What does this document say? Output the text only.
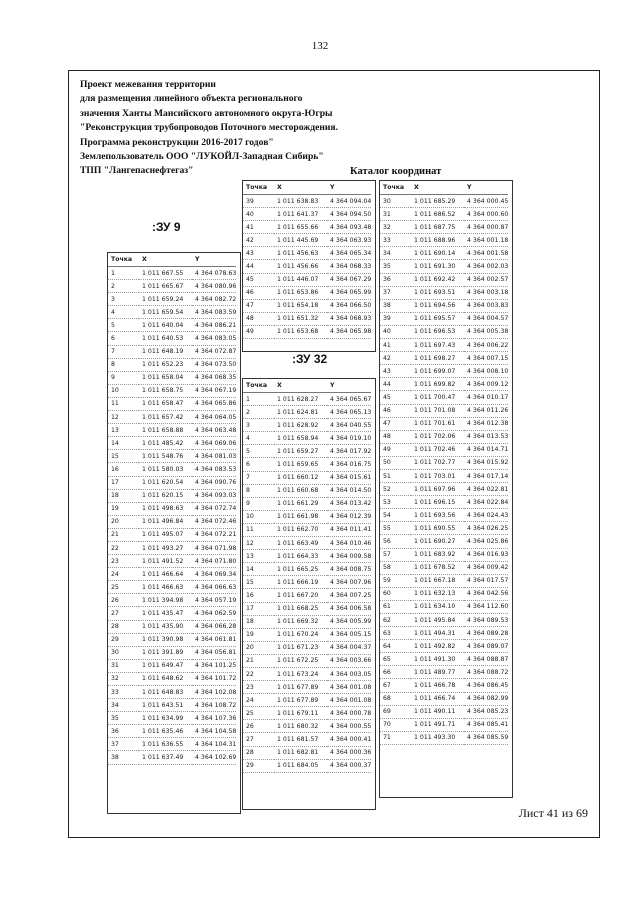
132
Проект межевания территории
для размещения линейного объекта регионального
значения Ханты Мансийского автономного округа-Югры
"Реконструкция трубопроводов Поточного месторождения.
Программа реконструкции 2016-2017 годов"
Землепользователь ООО "ЛУКОЙЛ-Западная Сибирь"
ТПП "Лангепаснефтегаз"	Каталог координат
:ЗУ 9
:ЗУ 32
Точка	X	Y
1	1 011 667.55	4 364 078.63
2	1 011 665.67	4 364 080.96
3	1 011 659.24	4 364 082.72
4	1 011 659.54	4 364 083.59
5	1 011 640.04	4 364 086.21
6	1 011 640.53	4 364 083.05
7	1 011 648.19	4 364 072.87
8	1 011 652.23	4 364 073.50
9	1 011 658.04	4 364 068.35
10	1 011 658.75	4 364 067.19
11	1 011 658.47	4 364 065.86
12	1 011 657.42	4 364 064.05
13	1 011 658.88	4 364 063.48
14	1 011 485.42	4 364 069.06
15	1 011 548.76	4 364 081.03
16	1 011 580.03	4 364 083.53
17	1 011 620.54	4 364 090.76
18	1 011 620.15	4 364 093.03
19	1 011 498.63	4 364 072.74
20	1 011 496.84	4 364 072.46
21	1 011 495.07	4 364 072.21
22	1 011 493.27	4 364 071.98
23	1 011 491.52	4 364 071.80
24	1 011 466.64	4 364 069.34
25	1 011 466.63	4 364 066.63
26	1 011 394.98	4 364 057.19
27	1 011 435.47	4 364 062.59
28	1 011 435.90	4 364 066.28
29	1 011 390.98	4 364 061.81
30	1 011 391.89	4 364 056.81
31	1 011 649.47	4 364 101.25
32	1 011 648.62	4 364 101.72
33	1 011 648.83	4 364 102.08
34	1 011 643.51	4 364 108.72
35	1 011 634.99	4 364 107.36
36	1 011 635.46	4 364 104.58
37	1 011 636.55	4 364 104.31
38	1 011 637.49	4 364 102.69
Точка	X	Y
39	1 011 638.83	4 364 094.04
40	1 011 641.37	4 364 094.50
41	1 011 655.66	4 364 093.48
42	1 011 445.69	4 364 063.93
43	1 011 456.63	4 364 065.34
44	1 011 456.66	4 364 068.33
45	1 011 446.07	4 364 067.29
46	1 011 653.86	4 364 065.99
47	1 011 654.18	4 364 066.50
48	1 011 651.32	4 364 068.93
49	1 011 653.68	4 364 065.98
Точка	X	Y
1	1 011 628.27	4 364 065.67
2	1 011 624.81	4 364 065.13
3	1 011 628.92	4 364 040.55
4	1 011 658.94	4 364 019.10
5	1 011 659.27	4 364 017.92
6	1 011 659.65	4 364 016.75
7	1 011 660.12	4 364 015.61
8	1 011 660.68	4 364 014.50
9	1 011 661.29	4 364 013.42
10	1 011 661.98	4 364 012.39
11	1 011 662.70	4 364 011.41
12	1 011 663.49	4 364 010.46
13	1 011 664.33	4 364 009.58
14	1 011 665.25	4 364 008.75
15	1 011 666.19	4 364 007.96
16	1 011 667.20	4 364 007.25
17	1 011 668.25	4 364 006.58
18	1 011 669.32	4 364 005.99
19	1 011 670.24	4 364 005.15
20	1 011 671.23	4 364 004.37
21	1 011 672.25	4 364 003.66
22	1 011 673.24	4 364 003.05
23	1 011 677.89	4 364 001.08
24	1 011 677.89	4 364 001.08
25	1 011 679.11	4 364 000.78
26	1 011 680.32	4 364 000.55
27	1 011 681.57	4 364 000.41
28	1 011 682.81	4 364 000.36
29	1 011 684.05	4 364 000.37
Точка	X	Y
30	1 011 685.29	4 364 000.45
31	1 011 686.52	4 364 000.60
32	1 011 687.75	4 364 000.87
33	1 011 688.96	4 364 001.18
34	1 011 690.14	4 364 001.58
35	1 011 691.30	4 364 002.03
36	1 011 692.42	4 364 002.57
37	1 011 693.51	4 364 003.18
38	1 011 694.56	4 364 003.83
39	1 011 695.57	4 364 004.57
40	1 011 696.53	4 364 005.38
41	1 011 697.43	4 364 006.22
42	1 011 698.27	4 364 007.15
43	1 011 699.07	4 364 008.10
44	1 011 699.82	4 364 009.12
45	1 011 700.47	4 364 010.17
46	1 011 701.08	4 364 011.26
47	1 011 701.61	4 364 012.38
48	1 011 702.06	4 364 013.53
49	1 011 702.46	4 364 014.71
50	1 011 702.77	4 364 015.92
51	1 011 703.01	4 364 017.14
52	1 011 697.96	4 364 022.81
53	1 011 696.15	4 364 022.84
54	1 011 693.56	4 364 024.43
55	1 011 690.55	4 364 026.25
56	1 011 690.27	4 364 025.86
57	1 011 683.92	4 364 016.93
58	1 011 678.52	4 364 009.42
59	1 011 667.18	4 364 017.57
60	1 011 632.13	4 364 042.56
61	1 011 634.10	4 364 112.60
62	1 011 495.84	4 364 089.53
63	1 011 494.31	4 364 089.28
64	1 011 492.82	4 364 089.07
65	1 011 491.30	4 364 088.87
66	1 011 489.77	4 364 088.72
67	1 011 466.78	4 364 086.45
68	1 011 466.74	4 364 082.99
69	1 011 490.11	4 364 085.23
70	1 011 491.71	4 364 085.41
71	1 011 493.30	4 364 085.59
Лист 41 из 69
